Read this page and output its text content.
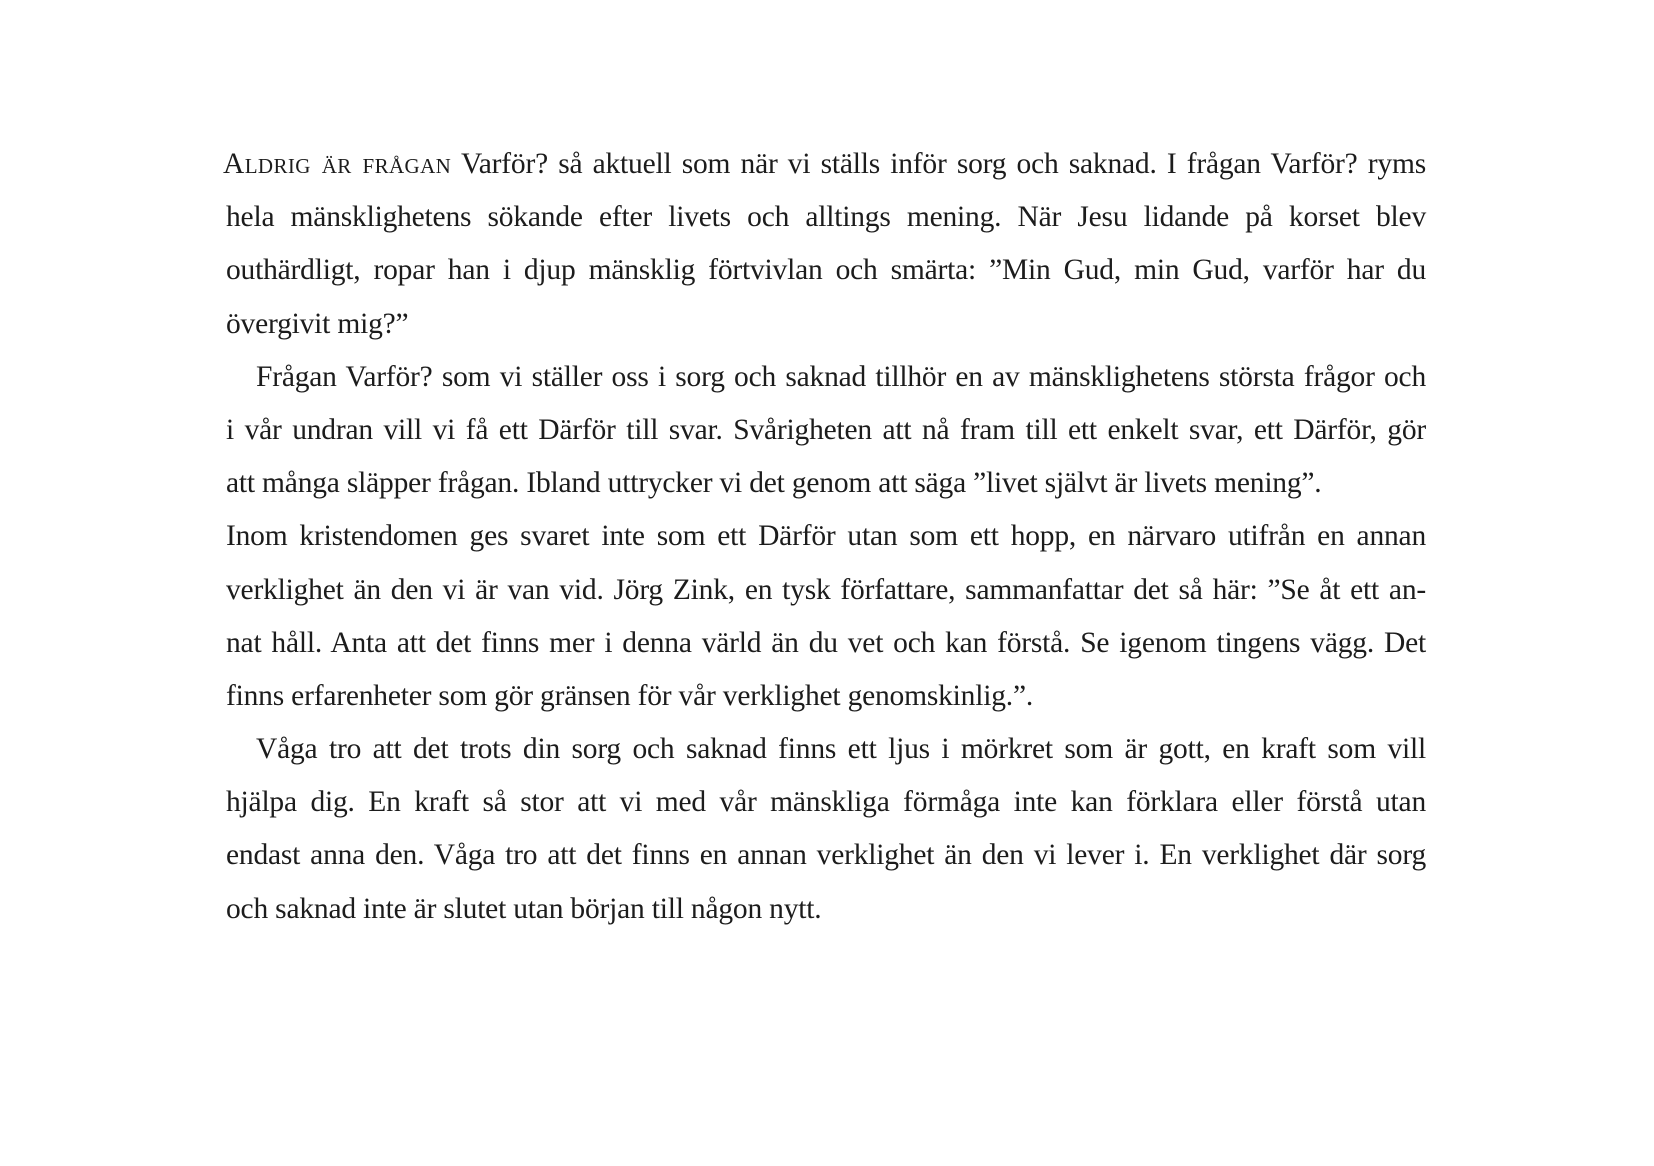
Aldrig är frågan Varför? så aktuell som när vi ställs inför sorg och saknad. I frågan Varför? ryms
hela mänsklighetens sökande efter livets och alltings mening. När Jesu lidande på korset blev
outhärdligt, ropar han i djup mänsklig förtvivlan och smärta: ”Min Gud, min Gud, varför har du
övergivit mig?”
Frågan Varför? som vi ställer oss i sorg och saknad tillhör en av mänsklighetens största frågor och
i vår undran vill vi få ett Därför till svar. Svårigheten att nå fram till ett enkelt svar, ett Därför, gör
att många släpper frågan. Ibland uttrycker vi det genom att säga ”livet självt är livets mening”.
Inom kristendomen ges svaret inte som ett Därför utan som ett hopp, en närvaro utifrån en annan
verklighet än den vi är van vid. Jörg Zink, en tysk författare, sammanfattar det så här: ”Se åt ett an-
nat håll. Anta att det finns mer i denna värld än du vet och kan förstå. Se igenom tingens vägg. Det
finns erfarenheter som gör gränsen för vår verklighet genomskinlig.”.
Våga tro att det trots din sorg och saknad finns ett ljus i mörkret som är gott, en kraft som vill
hjälpa dig. En kraft så stor att vi med vår mänskliga förmåga inte kan förklara eller förstå utan
endast anna den. Våga tro att det finns en annan verklighet än den vi lever i. En verklighet där sorg
och saknad inte är slutet utan början till någon nytt.
